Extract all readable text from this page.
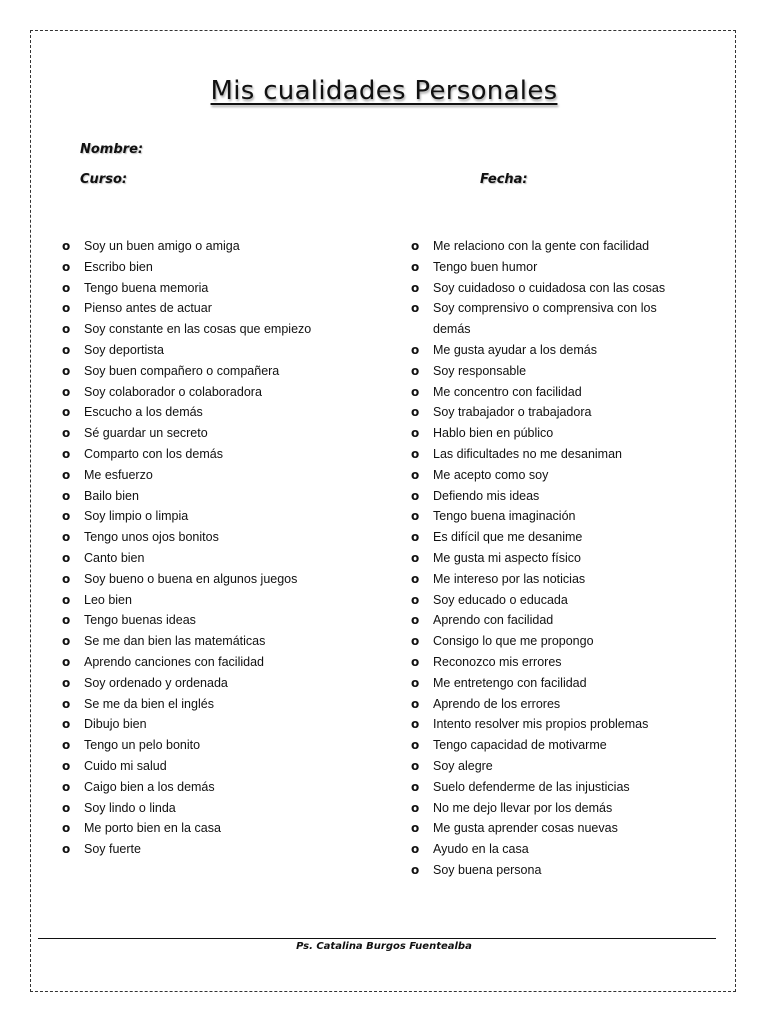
Mis cualidades Personales
Nombre:
Curso:	Fecha:
o Soy un buen amigo o amiga
o Escribo bien
o Tengo buena memoria
o Pienso antes de actuar
o Soy constante en las cosas que empiezo
o Soy deportista
o Soy buen compañero o compañera
o Soy colaborador o colaboradora
o Escucho a los demás
o Sé guardar un secreto
o Comparto con los demás
o Me esfuerzo
o Bailo bien
o Soy limpio o limpia
o Tengo unos ojos bonitos
o Canto bien
o Soy bueno o buena en algunos juegos
o Leo bien
o Tengo buenas ideas
o Se me dan bien las matemáticas
o Aprendo canciones con facilidad
o Soy ordenado y ordenada
o Se me da bien el inglés
o Dibujo bien
o Tengo un pelo bonito
o Cuido mi salud
o Caigo bien a los demás
o Soy lindo o linda
o Me porto bien en la casa
o Soy fuerte
o Me relaciono con la gente con facilidad
o Tengo buen humor
o Soy cuidadoso o cuidadosa con las cosas
o Soy comprensivo o comprensiva con los demás
o Me gusta ayudar a los demás
o Soy responsable
o Me concentro con facilidad
o Soy trabajador o trabajadora
o Hablo bien en público
o Las dificultades no me desaniman
o Me acepto como soy
o Defiendo mis ideas
o Tengo buena imaginación
o Es difícil que me desanime
o Me gusta mi aspecto físico
o Me intereso por las noticias
o Soy educado o educada
o Aprendo con facilidad
o Consigo lo que me propongo
o Reconozco mis errores
o Me entretengo con facilidad
o Aprendo de los errores
o Intento resolver mis propios problemas
o Tengo capacidad de motivarme
o Soy alegre
o Suelo defenderme de las injusticias
o No me dejo llevar por los demás
o Me gusta aprender cosas nuevas
o Ayudo en la casa
o Soy buena persona
Ps. Catalina Burgos Fuentealba
